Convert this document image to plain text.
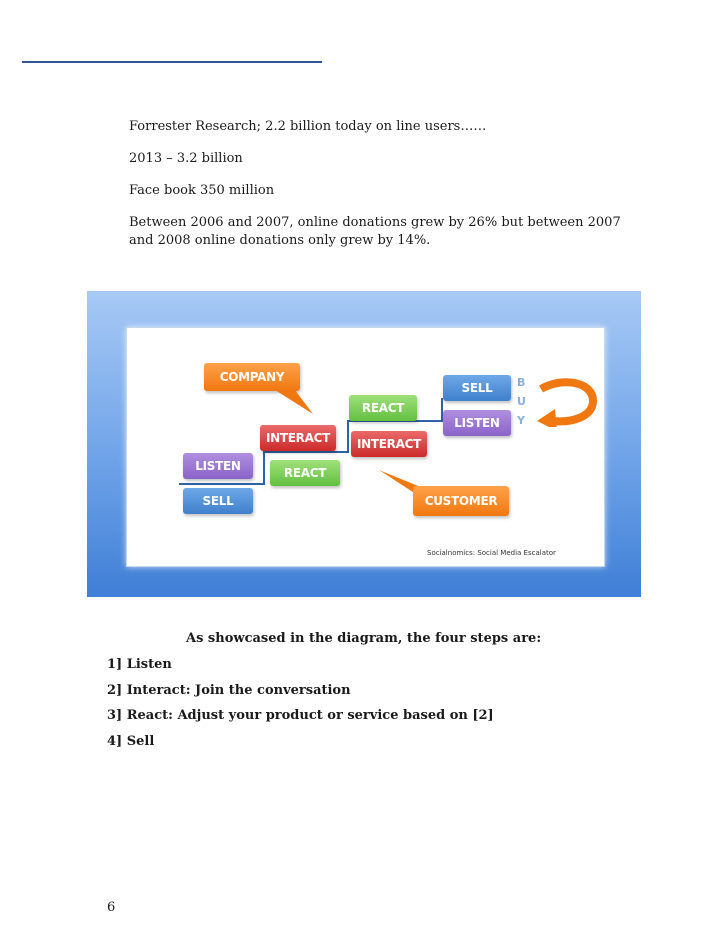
Forrester Research; 2.2 billion today on line users……

2013 – 3.2 billion

Face book 350 million

Between 2006 and 2007, online donations grew by 26% but between 2007 and 2008 online donations only grew by 14%.

COMPANY
SELL
LISTEN
B
U
Y
REACT
INTERACT INTERACT
LISTEN	REACT
SELL	CUSTOMER
Socialnomics: Social Media Escalator
As showcased in the diagram, the four steps are:
1] Listen
2] Interact: Join the conversation
3] React: Adjust your product or service based on [2]
4] Sell
6
